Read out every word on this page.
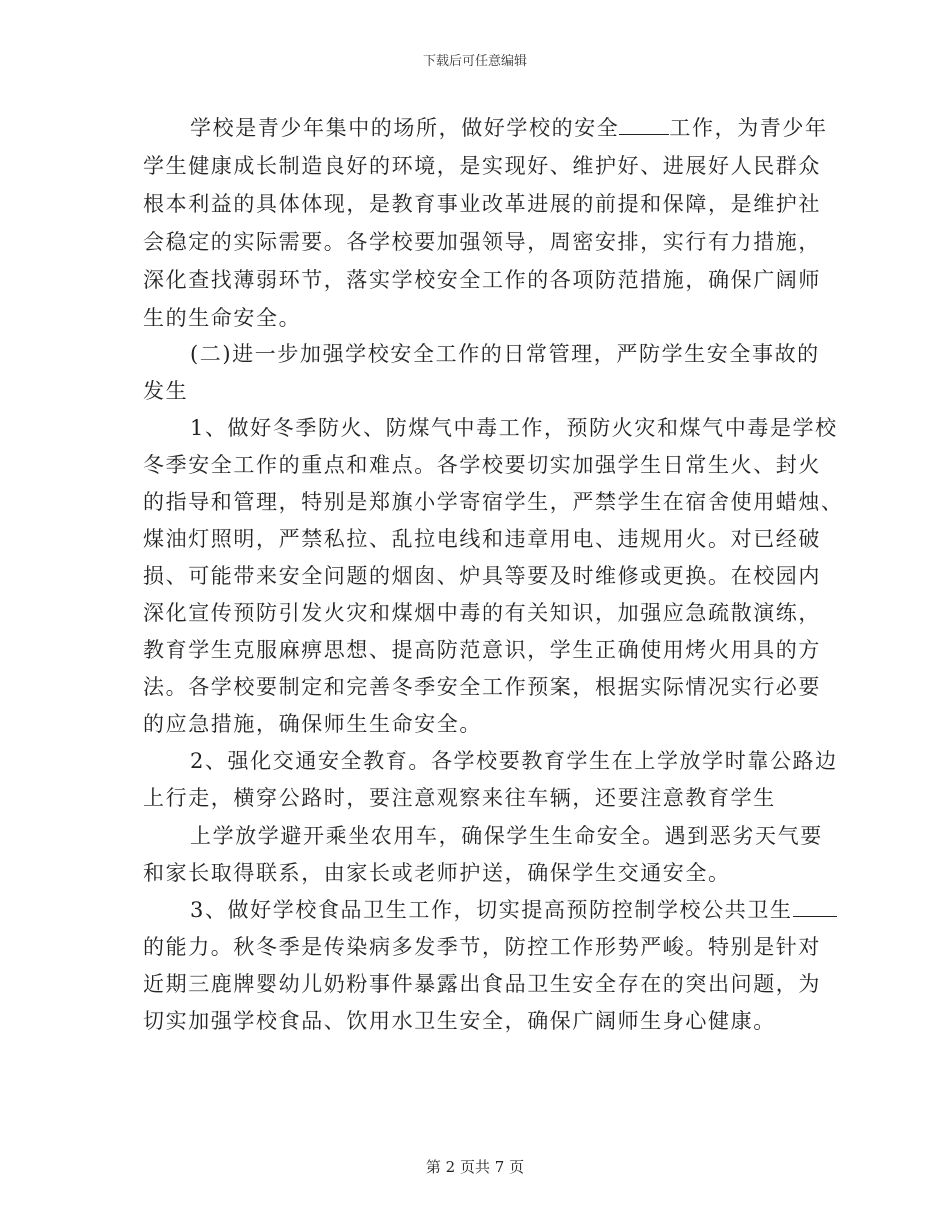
下载后可任意编辑

学校是青少年集中的场所，做好学校的安全 工作，为青少年

学生健康成长制造良好的环境，是实现好、维护好、进展好人民群众

根本利益的具体体现，是教育事业改革进展的前提和保障，是维护社

会稳定的实际需要。各学校要加强领导，周密安排，实行有力措施，

深化查找薄弱环节，落实学校安全工作的各项防范措施，确保广阔师

生的生命安全。

(二)进一步加强学校安全工作的日常管理，严防学生安全事故的

发生

1、做好冬季防火、防煤气中毒工作，预防火灾和煤气中毒是学校

冬季安全工作的重点和难点。各学校要切实加强学生日常生火、封火

的指导和管理，特别是郑旗小学寄宿学生，严禁学生在宿舍使用蜡烛、

煤油灯照明，严禁私拉、乱拉电线和违章用电、违规用火。对已经破

损、可能带来安全问题的烟囱、炉具等要及时维修或更换。在校园内

深化宣传预防引发火灾和煤烟中毒的有关知识，加强应急疏散演练，

教育学生克服麻痹思想、提高防范意识，学生正确使用烤火用具的方

法。各学校要制定和完善冬季安全工作预案，根据实际情况实行必要

的应急措施，确保师生生命安全。

2、强化交通安全教育。各学校要教育学生在上学放学时靠公路边

上行走，横穿公路时，要注意观察来往车辆，还要注意教育学生

上学放学避开乘坐农用车，确保学生生命安全。遇到恶劣天气要

和家长取得联系，由家长或老师护送，确保学生交通安全。

3、做好学校食品卫生工作，切实提高预防控制学校公共卫生

的能力。秋冬季是传染病多发季节，防控工作形势严峻。特别是针对

近期三鹿牌婴幼儿奶粉事件暴露出食品卫生安全存在的突出问题，为

切实加强学校食品、饮用水卫生安全，确保广阔师生身心健康。

第 2 页共 7 页
